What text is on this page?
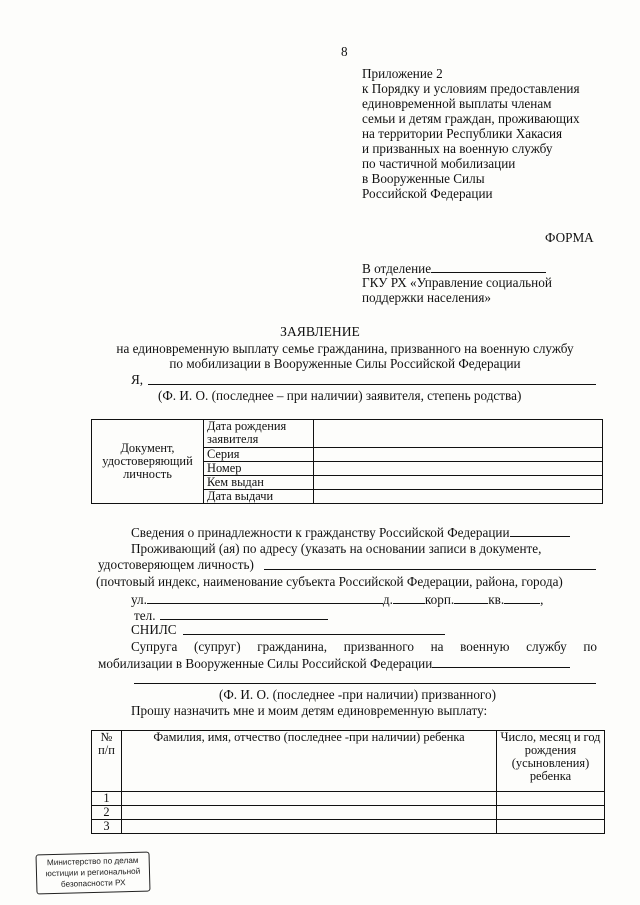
8
Приложение 2
к Порядку и условиям предоставления
единовременной выплаты членам
семьи и детям граждан, проживающих
на территории Республики Хакасия
и призванных на военную службу
по частичной мобилизации
в Вооруженные Силы
Российской Федерации
ФОРМА
В отделение
ГКУ РХ «Управление социальной
поддержки населения»
ЗАЯВЛЕНИЕ
на единовременную выплату семье гражданина, призванного на военную службу
по мобилизации в Вооруженные Силы Российской Федерации
Я,
(Ф. И. О. (последнее – при наличии) заявителя, степень родства)
Документ, удостоверяющий личность	Дата рождения заявителя	
	Серия	
	Номер	
	Кем выдан	
	Дата выдачи	
Сведения о принадлежности к гражданству Российской Федерации
Проживающий (ая) по адресу (указать на основании записи в документе,
удостоверяющем личность)
(почтовый индекс, наименование субъекта Российской Федерации, района, города)
ул.	д. корп.	кв.	,
тел.
СНИЛС
Супруга (супруг) гражданина, призванного на военную службу по
мобилизации в Вооруженные Силы Российской Федерации
(Ф. И. О. (последнее -при наличии) призванного)
Прошу назначить мне и моим детям единовременную выплату:
№ п/п	Фамилия, имя, отчество (последнее -при наличии) ребенка	Число, месяц и год рождения (усыновления) ребенка
1		
2		
3		
Министерство по делам
юстиции и региональной
безопасности РХ
